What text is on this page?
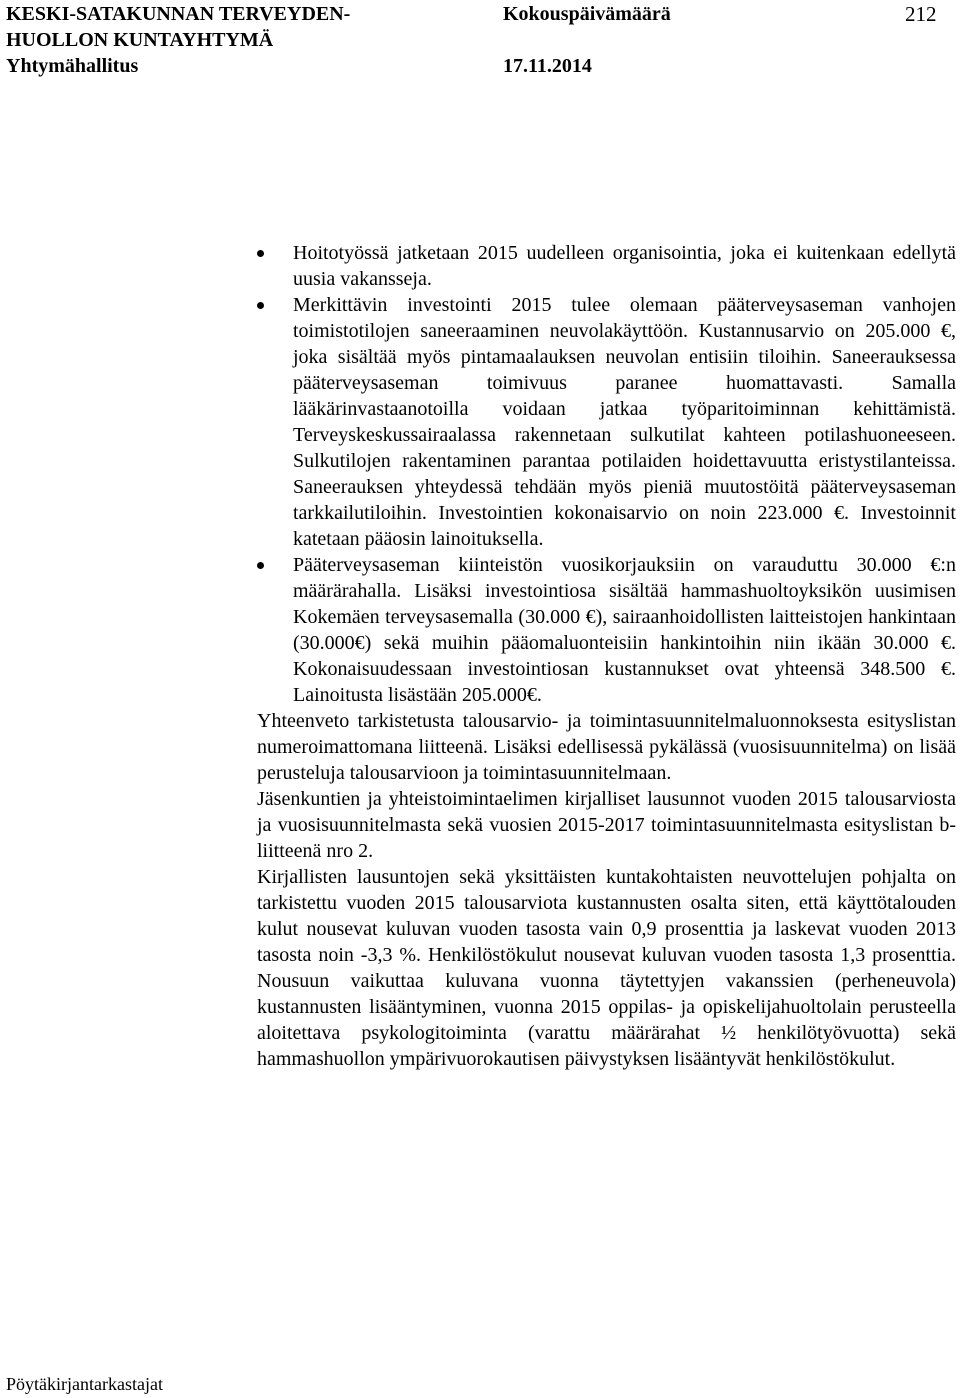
KESKI-SATAKUNNAN TERVEYDEN-
HUOLLON KUNTAYHTYMÄ
Yhtymähallitus
Kokouspäivämäärä

17.11.2014
212
Hoitotyössä jatketaan 2015 uudelleen organisointia, joka ei kuitenkaan edellytä uusia vakansseja.
Merkittävin investointi 2015 tulee olemaan pääterveysaseman vanhojen toimistotilojen saneeraaminen neuvolakäyttöön. Kustannusarvio on 205.000 €, joka sisältää myös pintamaalauksen neuvolan entisiin tiloihin. Saneerauksessa pääterveysaseman toimivuus paranee huomattavasti. Samalla lääkärinvastaanotoilla voidaan jatkaa työparitoiminnan kehittämistä. Terveyskeskussairaalassa rakennetaan sulkutilat kahteen potilashuoneeseen. Sulkutilojen rakentaminen parantaa potilaiden hoidettavuutta eristystilanteissa. Saneerauksen yhteydessä tehdään myös pieniä muutostöitä pääterveysaseman tarkkailutiloihin. Investointien kokonaisarvio on noin 223.000 €. Investoinnit katetaan pääosin lainoituksella.
Pääterveysaseman kiinteistön vuosikorjauksiin on varauduttu 30.000 €:n määrärahalla. Lisäksi investointiosa sisältää hammashuoltoyksikön uusimisen Kokemäen terveysasemalla (30.000 €), sairaanhoidollisten laitteistojen hankintaan (30.000€) sekä muihin pääomaluonteisiin hankintoihin niin ikään 30.000 €. Kokonaisuudessaan investointiosan kustannukset ovat yhteensä 348.500 €. Lainoitusta lisästään 205.000€.

Yhteenveto tarkistetusta talousarvio- ja toimintasuunnitelmaluonnoksesta esityslistan numeroimattomana liitteenä. Lisäksi edellisessä pykälässä (vuosisuunnitelma) on lisää perusteluja talousarvioon ja toimintasuunnitelmaan.

Jäsenkuntien ja yhteistoimintaelimen kirjalliset lausunnot vuoden 2015 talousarviosta ja vuosisuunnitelmasta sekä vuosien 2015-2017 toimintasuunnitelmasta esityslistan b-liitteenä nro 2.

Kirjallisten lausuntojen sekä yksittäisten kuntakohtaisten neuvottelujen pohjalta on tarkistettu vuoden 2015 talousarviota kustannusten osalta siten, että käyttötalouden kulut nousevat kuluvan vuoden tasosta vain 0,9 prosenttia ja laskevat vuoden 2013 tasosta noin -3,3 %. Henkilöstökulut nousevat kuluvan vuoden tasosta 1,3 prosenttia. Nousuun vaikuttaa kuluvana vuonna täytettyjen vakanssien (perheneuvola) kustannusten lisääntyminen, vuonna 2015 oppilas- ja opiskelijahuoltolain perusteella aloitettava psykologitoiminta (varattu määrärahat ½ henkilötyövuotta) sekä hammashuollon ympärivuorokautisen päivystyksen lisääntyvät henkilöstökulut.

Pöytäkirjantarkastajat
